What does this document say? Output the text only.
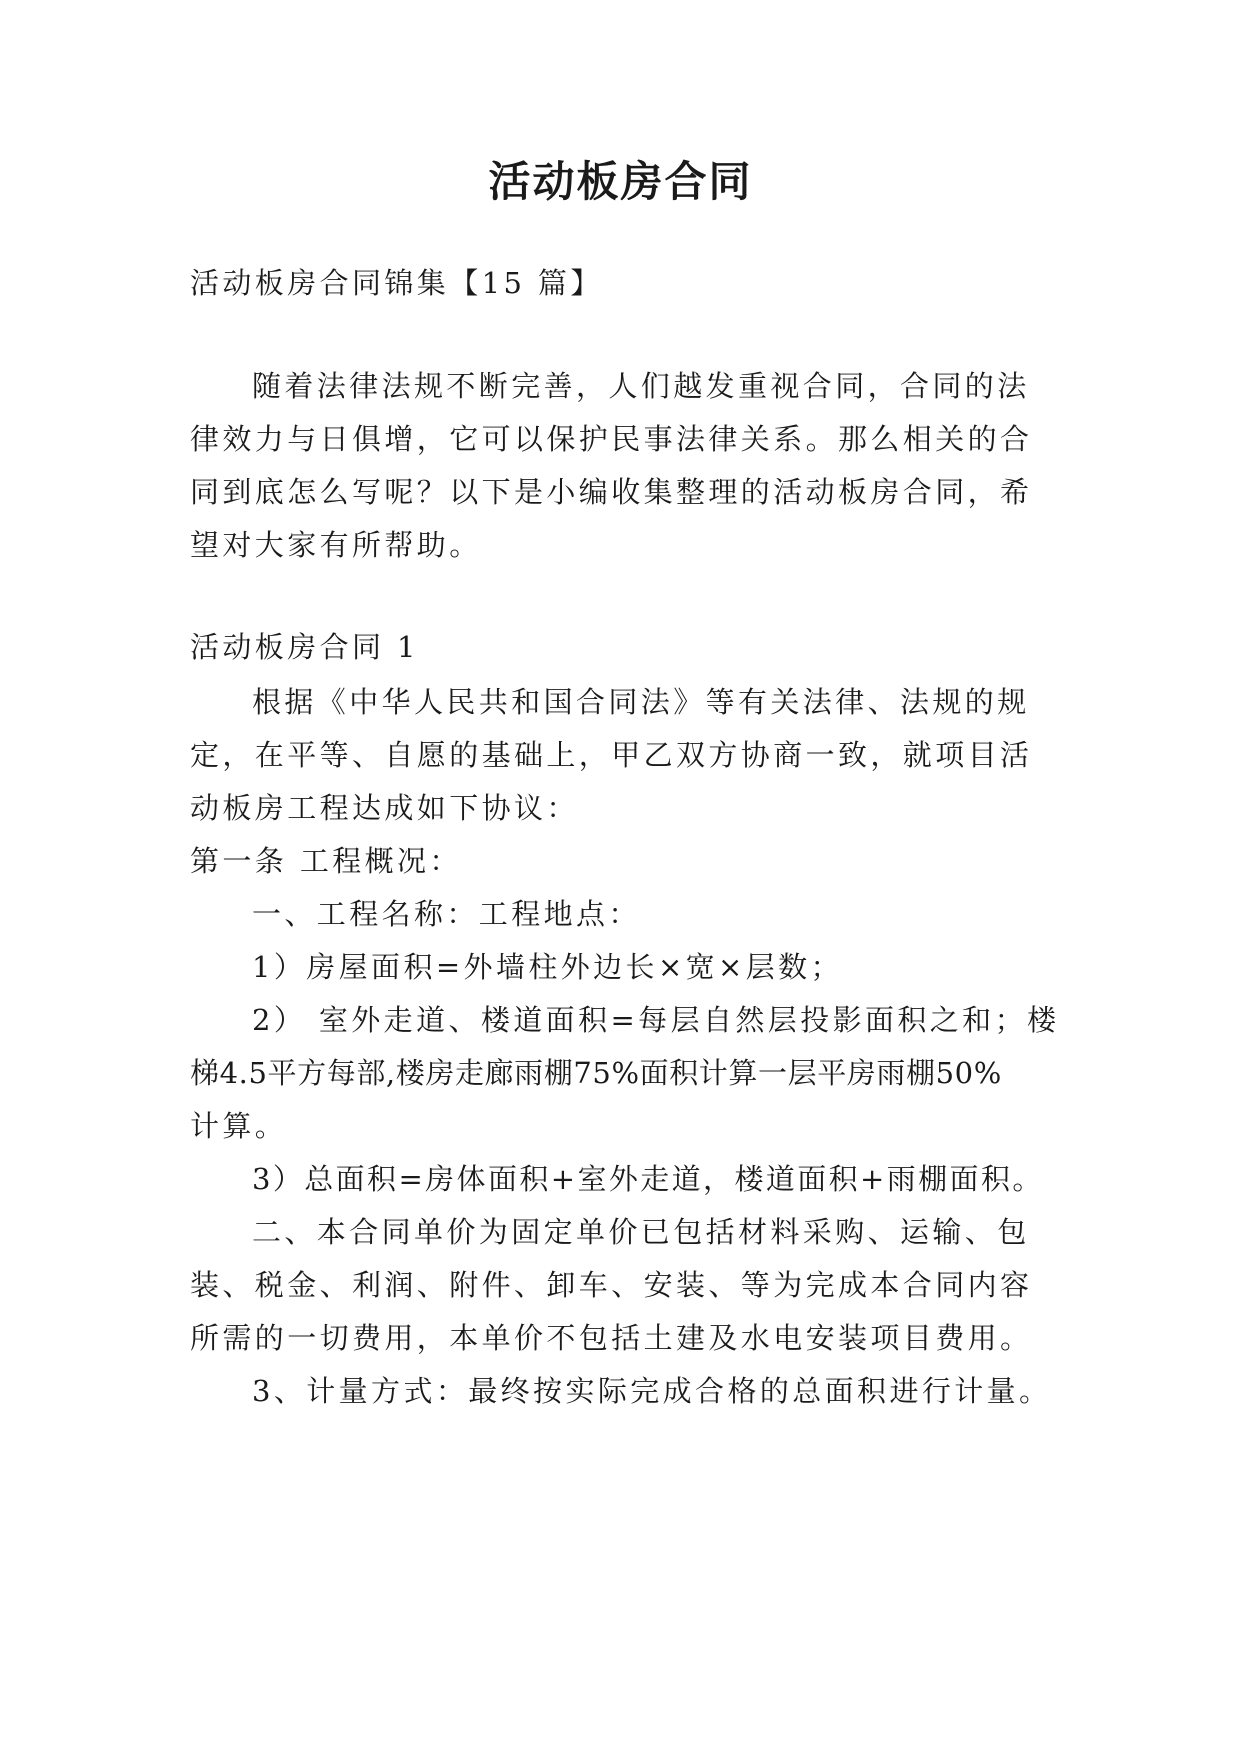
活动板房合同
活动板房合同锦集【15 篇】
随着法律法规不断完善，人们越发重视合同，合同的法
律效力与日俱增，它可以保护民事法律关系。那么相关的合
同到底怎么写呢？以下是小编收集整理的活动板房合同，希
望对大家有所帮助。
活动板房合同 1
根据《中华人民共和国合同法》等有关法律、法规的规
定，在平等、自愿的基础上，甲乙双方协商一致，就项目活
动板房工程达成如下协议：
第一条 工程概况：
一、工程名称：工程地点：
1）房屋面积=外墙柱外边长×宽×层数；
2） 室外走道、楼道面积=每层自然层投影面积之和；楼
梯4.5平方每部,楼房走廊雨棚75%面积计算一层平房雨棚50%
计算。
3）总面积=房体面积+室外走道，楼道面积+雨棚面积。
二、本合同单价为固定单价已包括材料采购、运输、包
装、税金、利润、附件、卸车、安装、等为完成本合同内容
所需的一切费用，本单价不包括土建及水电安装项目费用。
3、计量方式：最终按实际完成合格的总面积进行计量。
